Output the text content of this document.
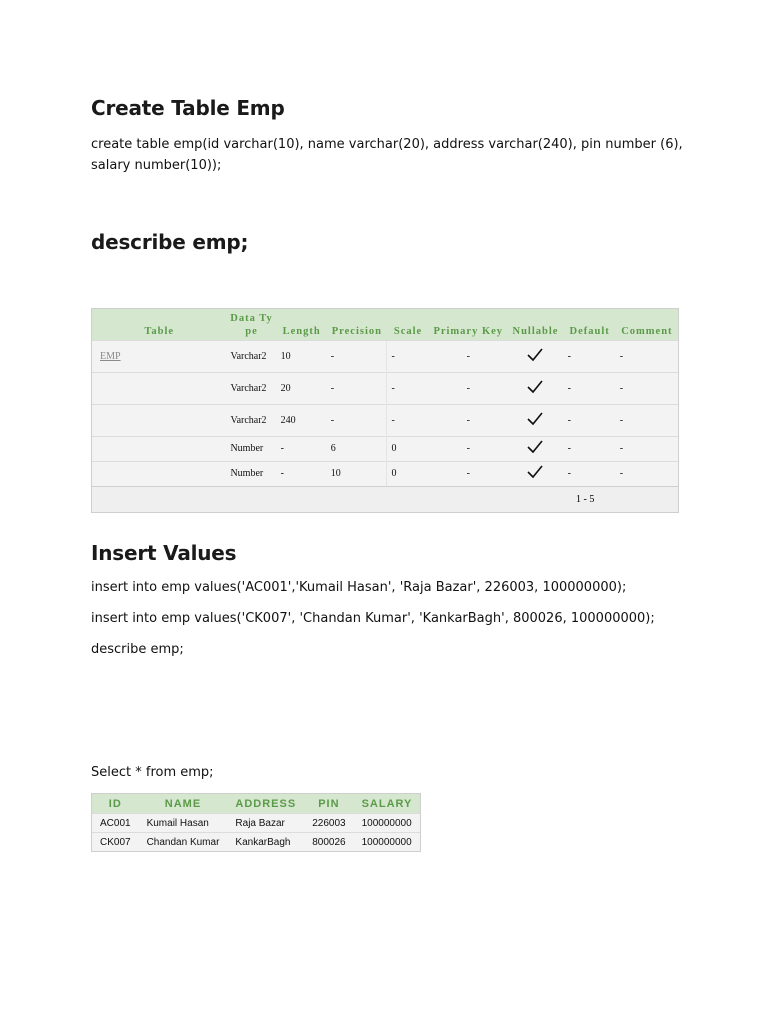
Create Table Emp

create table emp(id varchar(10), name varchar(20), address varchar(240), pin number (6),

salary number(10));

describe emp;
Table	Data Type	Length	Precision	Scale	Primary Key	Nullable	Default	Comment
EMP	Varchar2	10	-	-	-		-	-
	Varchar2	20	-	-	-		-	-
	Varchar2	240	-	-	-		-	-
	Number	-	6	0	-		-	-
	Number	-	10	0	-		-	-
1 - 5
Insert Values

insert into emp values('AC001','Kumail Hasan', 'Raja Bazar', 226003, 100000000);

insert into emp values('CK007', 'Chandan Kumar', 'KankarBagh', 800026, 100000000);

describe emp;

Select * from emp;

ID	NAME	ADDRESS	PIN	SALARY
AC001	Kumail Hasan	Raja Bazar	226003	100000000
CK007	Chandan Kumar	KankarBagh	800026	100000000
